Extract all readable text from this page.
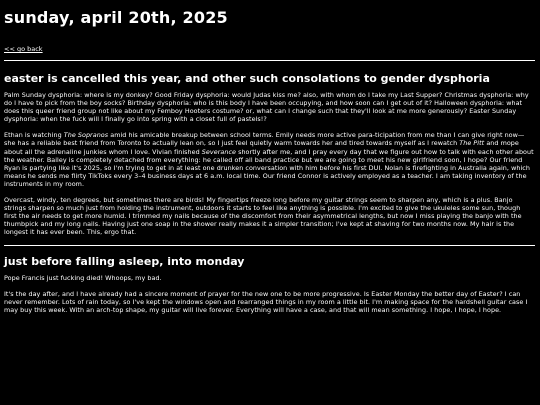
sunday, april 20th, 2025
<< go back
easter is cancelled this year, and other such consolations to gender dysphoria

Palm Sunday dysphoria: where is my donkey? Good Friday dysphoria: would Judas kiss me? also, with whom do I take my Last Supper? Christmas dysphoria: why do I have to pick from the boy socks? Birthday dysphoria: who is this body I have been occupying, and how soon can I get out of it? Halloween dysphoria: what does this queer friend group not like about my Femboy Hooters costume? or, what can I change such that they'll look at me more generously? Easter Sunday dysphoria: when the fuck will I finally go into spring with a closet full of pastels!?

Ethan is watching The Sopranos amid his amicable breakup between school terms. Emily needs more active para-ticipation from me than I can give right now—she has a reliable best friend from Toronto to actually lean on, so I just feel quietly warm towards her and tired towards myself as I rewatch The Pitt and mope about all the adrenaline junkies whom I love. Vivian finished Severance shortly after me, and I pray every day that we figure out how to talk with each other about the weather. Bailey is completely detached from everything: he called off all band practice but we are going to meet his new girlfriend soon, I hope? Our friend Ryan is partying like it's 2025, so I'm trying to get in at least one drunken conversation with him before his first DUI. Nolan is firefighting in Australia again, which means he sends me flirty TikToks every 3–4 business days at 6 a.m. local time. Our friend Connor is actively employed as a teacher. I am taking inventory of the instruments in my room.

Overcast, windy, ten degrees, but sometimes there are birds! My fingertips freeze long before my guitar strings seem to sharpen any, which is a plus. Banjo strings sharpen so much just from holding the instrument, outdoors it starts to feel like anything is possible. I'm excited to give the ukuleles some sun, though first the air needs to get more humid. I trimmed my nails because of the discomfort from their asymmetrical lengths, but now I miss playing the banjo with the thumbpick and my long nails. Having just one soap in the shower really makes it a simpler transition; I've kept at shaving for two months now. My hair is the longest it has ever been. This, ergo that.

just before falling asleep, into monday

Pope Francis just fucking died! Whoops, my bad.

It's the day after, and I have already had a sincere moment of prayer for the new one to be more progressive. Is Easter Monday the better day of Easter? I can never remember. Lots of rain today, so I've kept the windows open and rearranged things in my room a little bit. I'm making space for the hardshell guitar case I may buy this week. With an arch-top shape, my guitar will live forever. Everything will have a case, and that will mean something. I hope, I hope, I hope.
